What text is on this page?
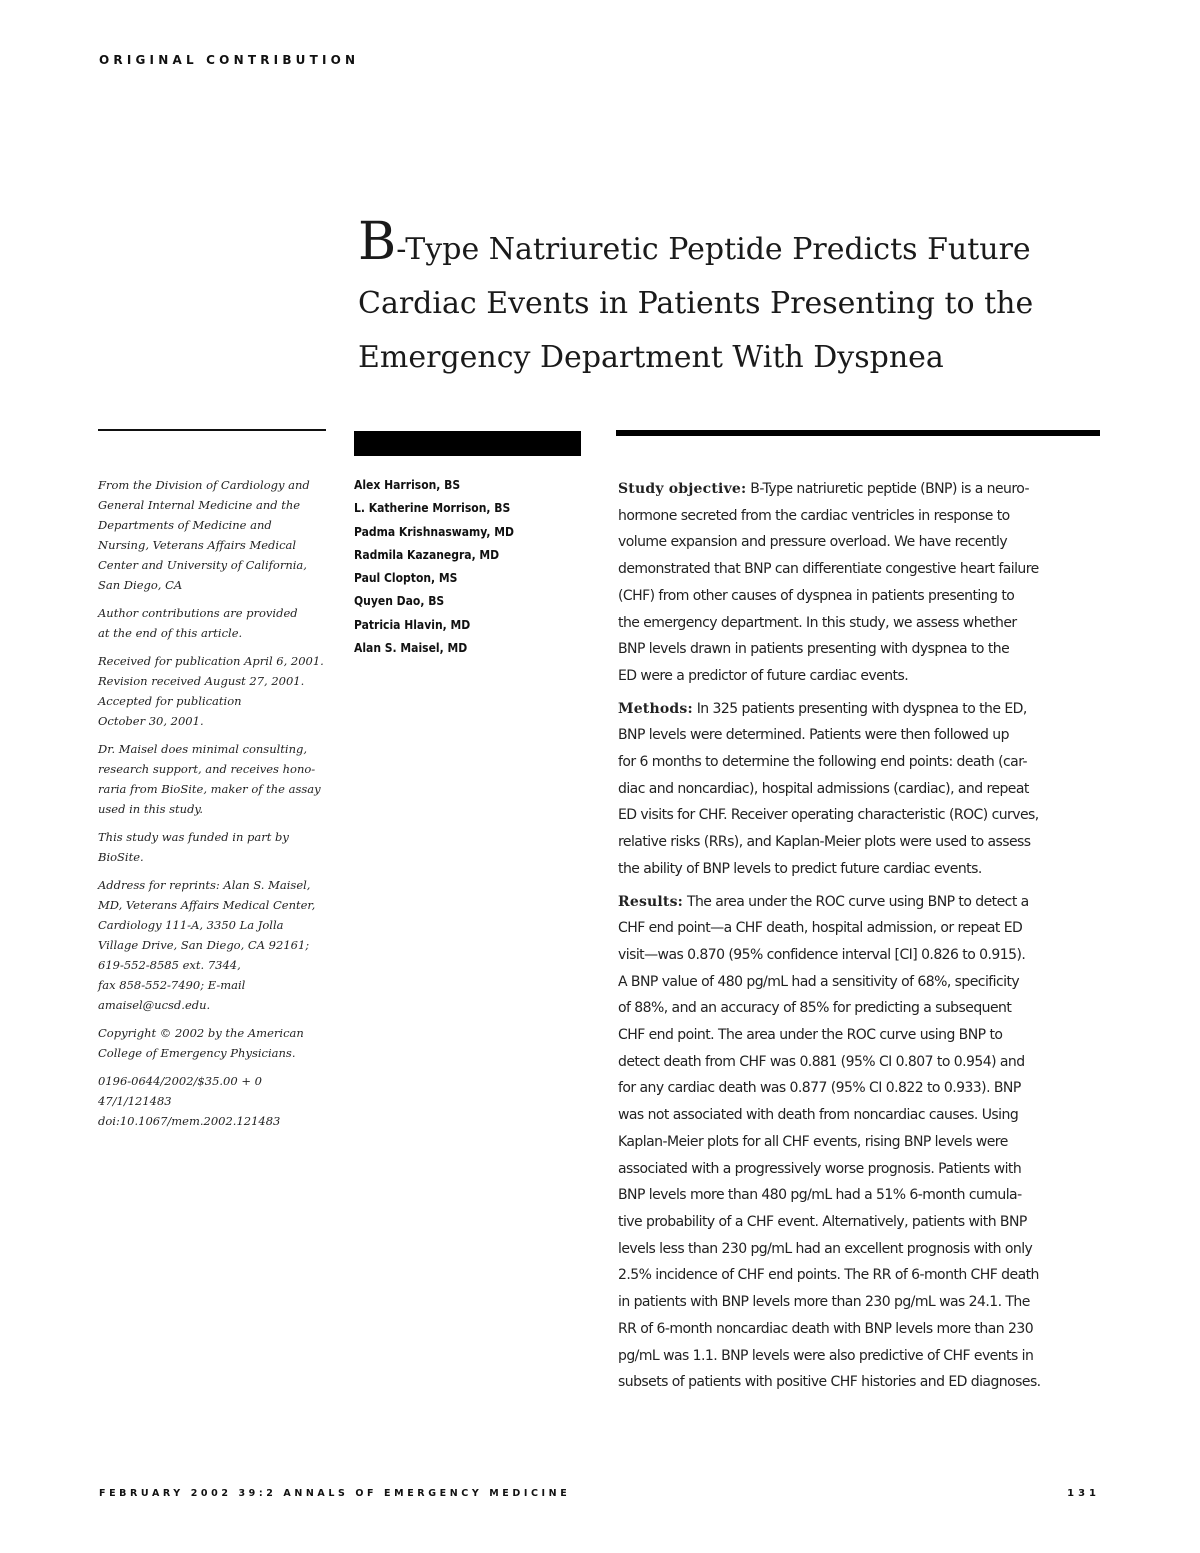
ORIGINAL CONTRIBUTION
B-Type Natriuretic Peptide Predicts Future
Cardiac Events in Patients Presenting to the
Emergency Department With Dyspnea

From the Division of Cardiology and
General Internal Medicine and the
Departments of Medicine and
Nursing, Veterans Affairs Medical
Center and University of California,
San Diego, CA

Author contributions are provided
at the end of this article.

Received for publication April 6, 2001.
Revision received August 27, 2001.
Accepted for publication
October 30, 2001.

Dr. Maisel does minimal consulting,
research support, and receives hono-
raria from BioSite, maker of the assay
used in this study.

This study was funded in part by
BioSite.

Address for reprints: Alan S. Maisel,
MD, Veterans Affairs Medical Center,
Cardiology 111-A, 3350 La Jolla
Village Drive, San Diego, CA 92161;
619-552-8585 ext. 7344,
fax 858-552-7490; E-mail
amaisel@ucsd.edu.

Copyright © 2002 by the American
College of Emergency Physicians.

0196-0644/2002/$35.00 + 0
47/1/121483
doi:10.1067/mem.2002.121483

Alex Harrison, BS
L. Katherine Morrison, BS
Padma Krishnaswamy, MD
Radmila Kazanegra, MD
Paul Clopton, MS
Quyen Dao, BS
Patricia Hlavin, MD
Alan S. Maisel, MD

Study objective: B-Type natriuretic peptide (BNP) is a neuro-
hormone secreted from the cardiac ventricles in response to
volume expansion and pressure overload. We have recently
demonstrated that BNP can differentiate congestive heart failure
(CHF) from other causes of dyspnea in patients presenting to
the emergency department. In this study, we assess whether
BNP levels drawn in patients presenting with dyspnea to the
ED were a predictor of future cardiac events.

Methods: In 325 patients presenting with dyspnea to the ED,
BNP levels were determined. Patients were then followed up
for 6 months to determine the following end points: death (car-
diac and noncardiac), hospital admissions (cardiac), and repeat
ED visits for CHF. Receiver operating characteristic (ROC) curves,
relative risks (RRs), and Kaplan-Meier plots were used to assess
the ability of BNP levels to predict future cardiac events.

Results: The area under the ROC curve using BNP to detect a
CHF end point—a CHF death, hospital admission, or repeat ED
visit—was 0.870 (95% confidence interval [CI] 0.826 to 0.915).
A BNP value of 480 pg/mL had a sensitivity of 68%, specificity
of 88%, and an accuracy of 85% for predicting a subsequent
CHF end point. The area under the ROC curve using BNP to
detect death from CHF was 0.881 (95% CI 0.807 to 0.954) and
for any cardiac death was 0.877 (95% CI 0.822 to 0.933). BNP
was not associated with death from noncardiac causes. Using
Kaplan-Meier plots for all CHF events, rising BNP levels were
associated with a progressively worse prognosis. Patients with
BNP levels more than 480 pg/mL had a 51% 6-month cumula-
tive probability of a CHF event. Alternatively, patients with BNP
levels less than 230 pg/mL had an excellent prognosis with only
2.5% incidence of CHF end points. The RR of 6-month CHF death
in patients with BNP levels more than 230 pg/mL was 24.1. The
RR of 6-month noncardiac death with BNP levels more than 230
pg/mL was 1.1. BNP levels were also predictive of CHF events in
subsets of patients with positive CHF histories and ED diagnoses.

FEBRUARY 2002 39:2 ANNALS OF EMERGENCY MEDICINE	131
